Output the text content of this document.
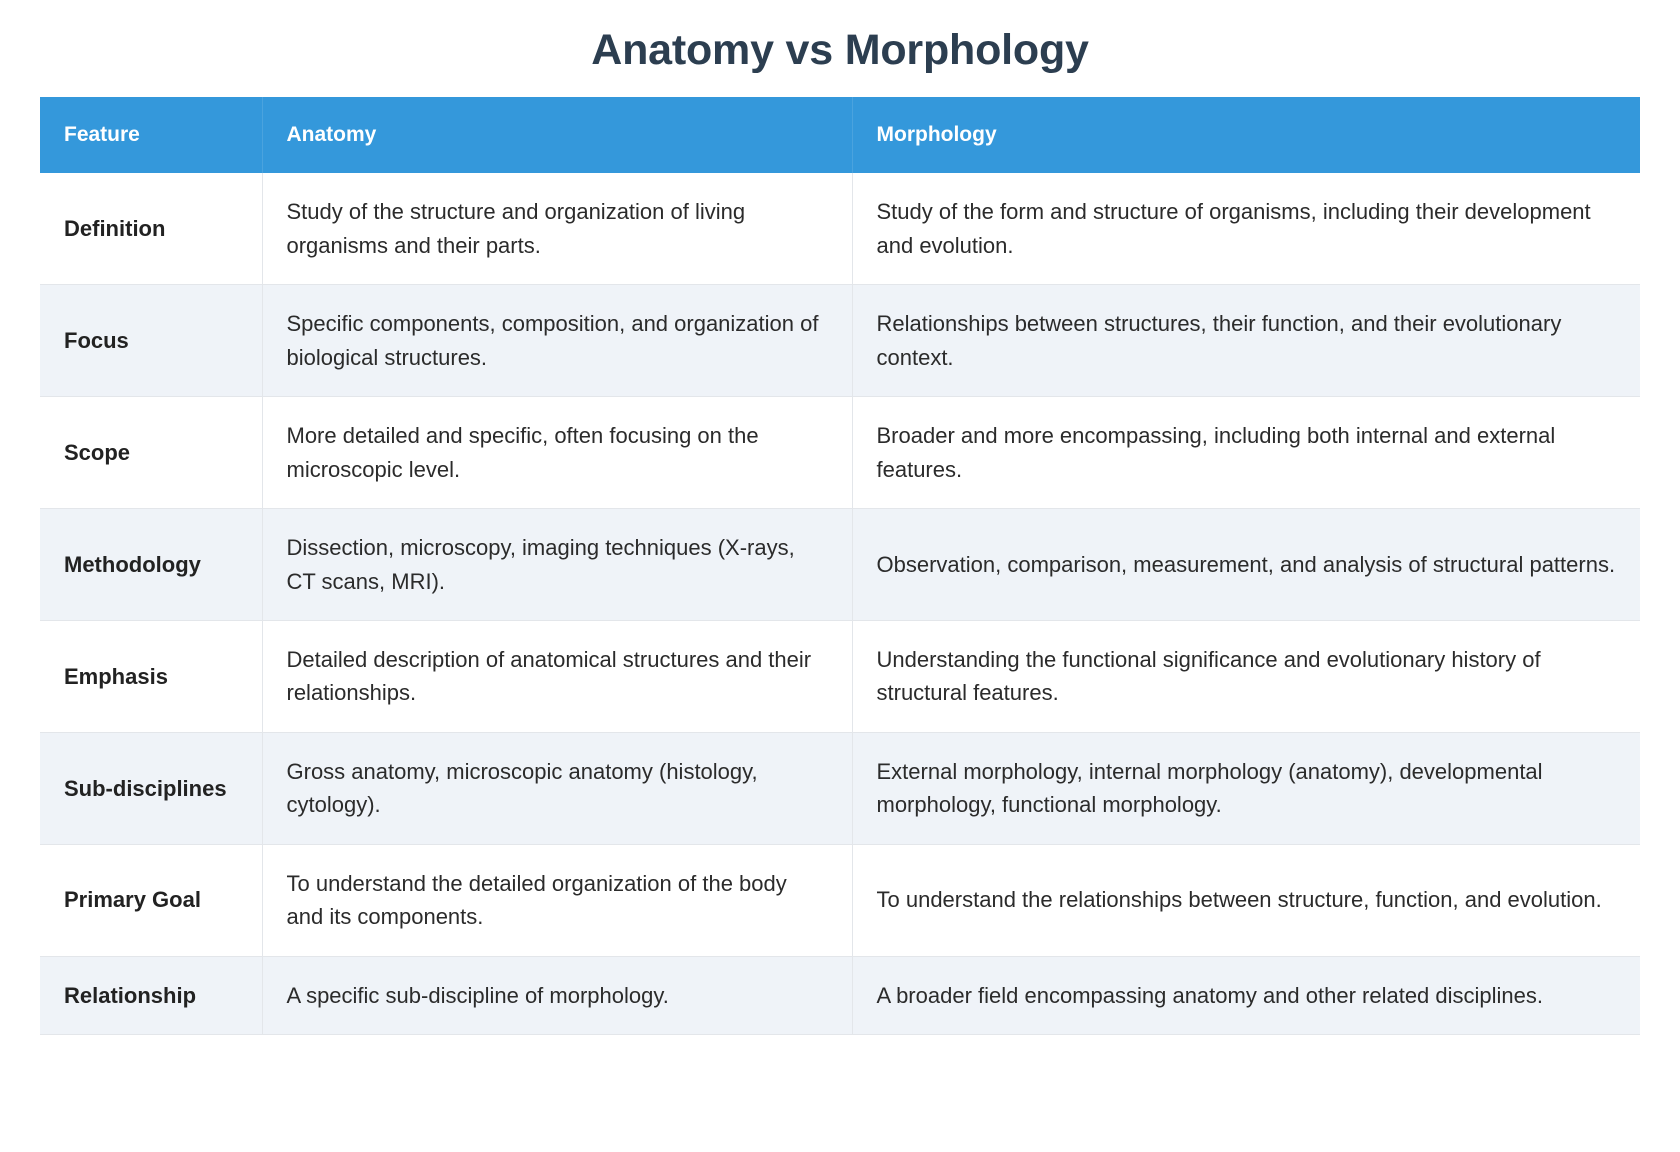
Anatomy vs Morphology
Feature	Anatomy	Morphology
Definition	Study of the structure and organization of living organisms and their parts.	Study of the form and structure of organisms, including their development and evolution.
Focus	Specific components, composition, and organization of biological structures.	Relationships between structures, their function, and their evolutionary context.
Scope	More detailed and specific, often focusing on the microscopic level.	Broader and more encompassing, including both internal and external features.
Methodology	Dissection, microscopy, imaging techniques (X-rays, CT scans, MRI).	Observation, comparison, measurement, and analysis of structural patterns.
Emphasis	Detailed description of anatomical structures and their relationships.	Understanding the functional significance and evolutionary history of structural features.
Sub-disciplines	Gross anatomy, microscopic anatomy (histology, cytology).	External morphology, internal morphology (anatomy), developmental morphology, functional morphology.
Primary Goal	To understand the detailed organization of the body and its components.	To understand the relationships between structure, function, and evolution.
Relationship	A specific sub-discipline of morphology.	A broader field encompassing anatomy and other related disciplines.
